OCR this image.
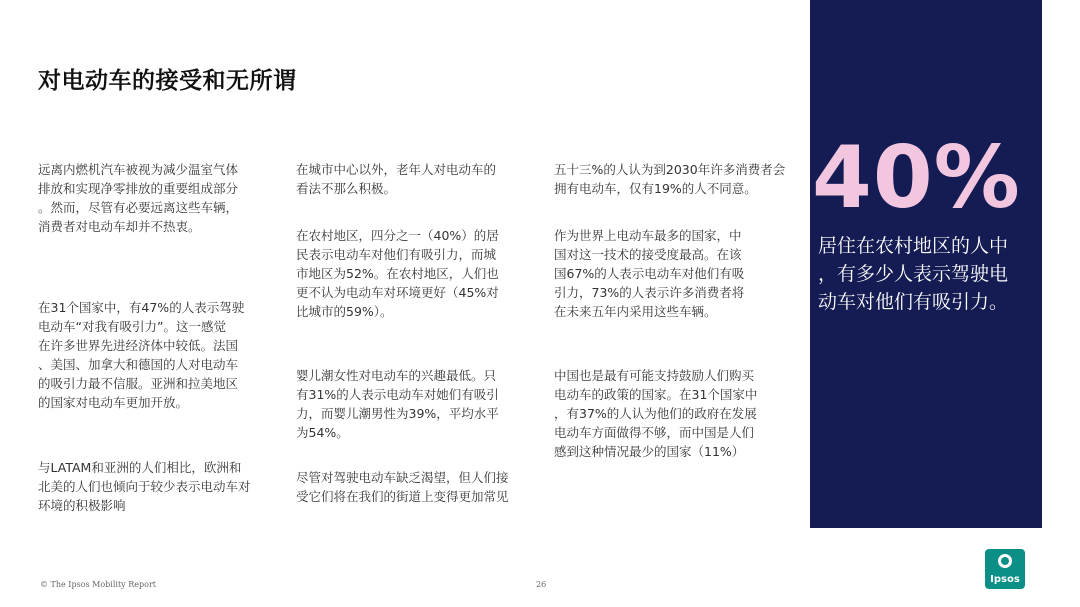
对电动车的接受和无所谓

远离内燃机汽车被视为减少温室气体
排放和实现净零排放的重要组成部分
。然而，尽管有必要远离这些车辆，
消费者对电动车却并不热衷。

在31个国家中，有47%的人表示驾驶
电动车“对我有吸引力”。这一感觉
在许多世界先进经济体中较低。法国
、美国、加拿大和德国的人对电动车
的吸引力最不信服。亚洲和拉美地区
的国家对电动车更加开放。

与LATAM和亚洲的人们相比，欧洲和
北美的人们也倾向于较少表示电动车对
环境的积极影响

在城市中心以外，老年人对电动车的
看法不那么积极。

在农村地区，四分之一（40%）的居
民表示电动车对他们有吸引力，而城
市地区为52%。在农村地区，人们也
更不认为电动车对环境更好（45%对
比城市的59%）。

婴儿潮女性对电动车的兴趣最低。只
有31%的人表示电动车对她们有吸引
力，而婴儿潮男性为39%，平均水平
为54%。

尽管对驾驶电动车缺乏渴望，但人们接
受它们将在我们的街道上变得更加常见

五十三%的人认为到2030年许多消费者会
拥有电动车，仅有19%的人不同意。

作为世界上电动车最多的国家，中
国对这一技术的接受度最高。在该
国67%的人表示电动车对他们有吸
引力，73%的人表示许多消费者将
在未来五年内采用这些车辆。

中国也是最有可能支持鼓励人们购买
电动车的政策的国家。在31个国家中
，有37%的人认为他们的政府在发展
电动车方面做得不够，而中国是人们
感到这种情况最少的国家（11%）

40%
居住在农村地区的人中
，有多少人表示驾驶电
动车对他们有吸引力。
© The Ipsos Mobility Report	26	Ipsos
